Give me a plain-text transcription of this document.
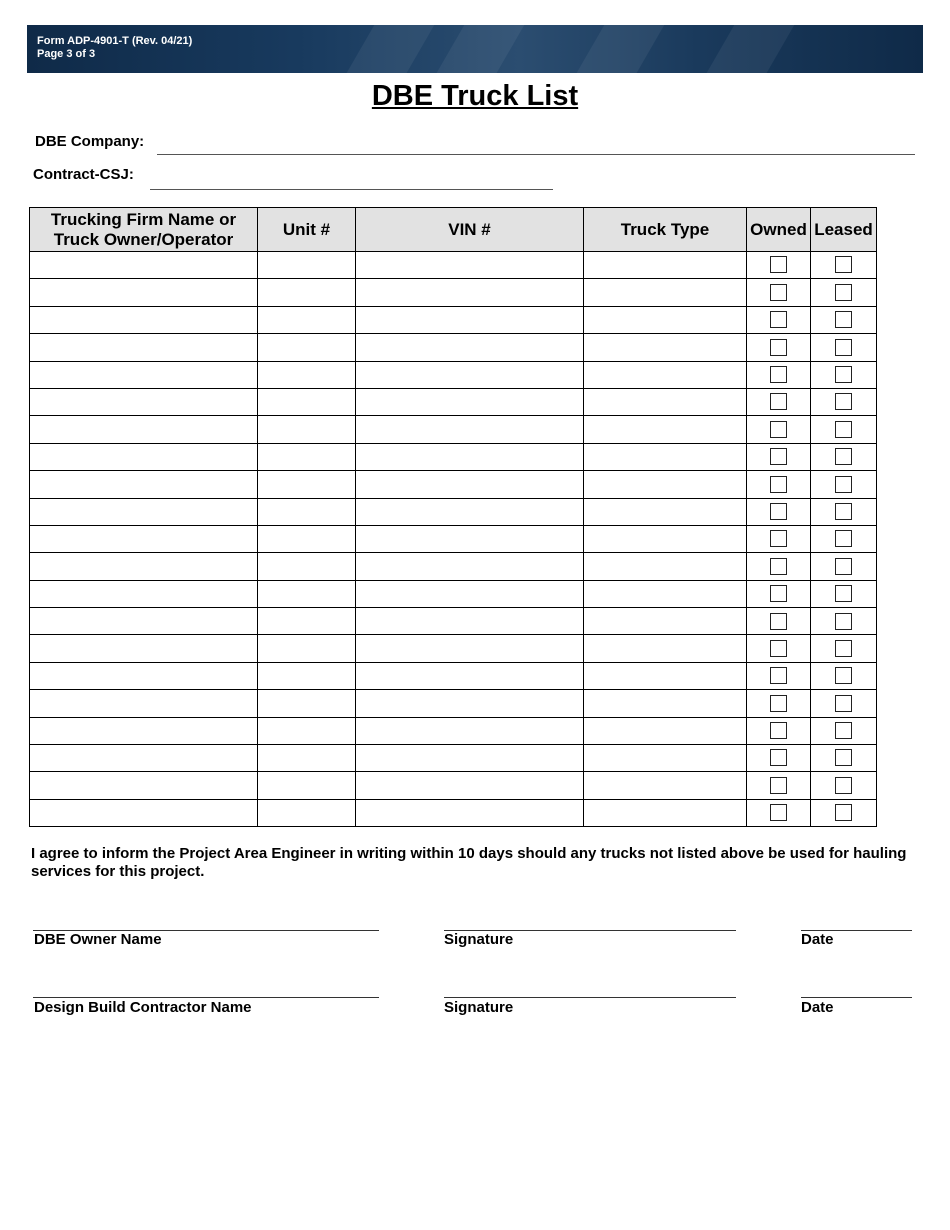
Form ADP-4901-T (Rev. 04/21)
Page 3 of 3
DBE Truck List
DBE Company:
Contract-CSJ:
Trucking Firm Name or Truck Owner/Operator	Unit #	VIN #	Truck Type	Owned	Leased

I agree to inform the Project Area Engineer in writing within 10 days should any trucks not listed above be used for hauling services for this project.
DBE Owner Name	Signature	Date
Design Build Contractor Name	Signature	Date
